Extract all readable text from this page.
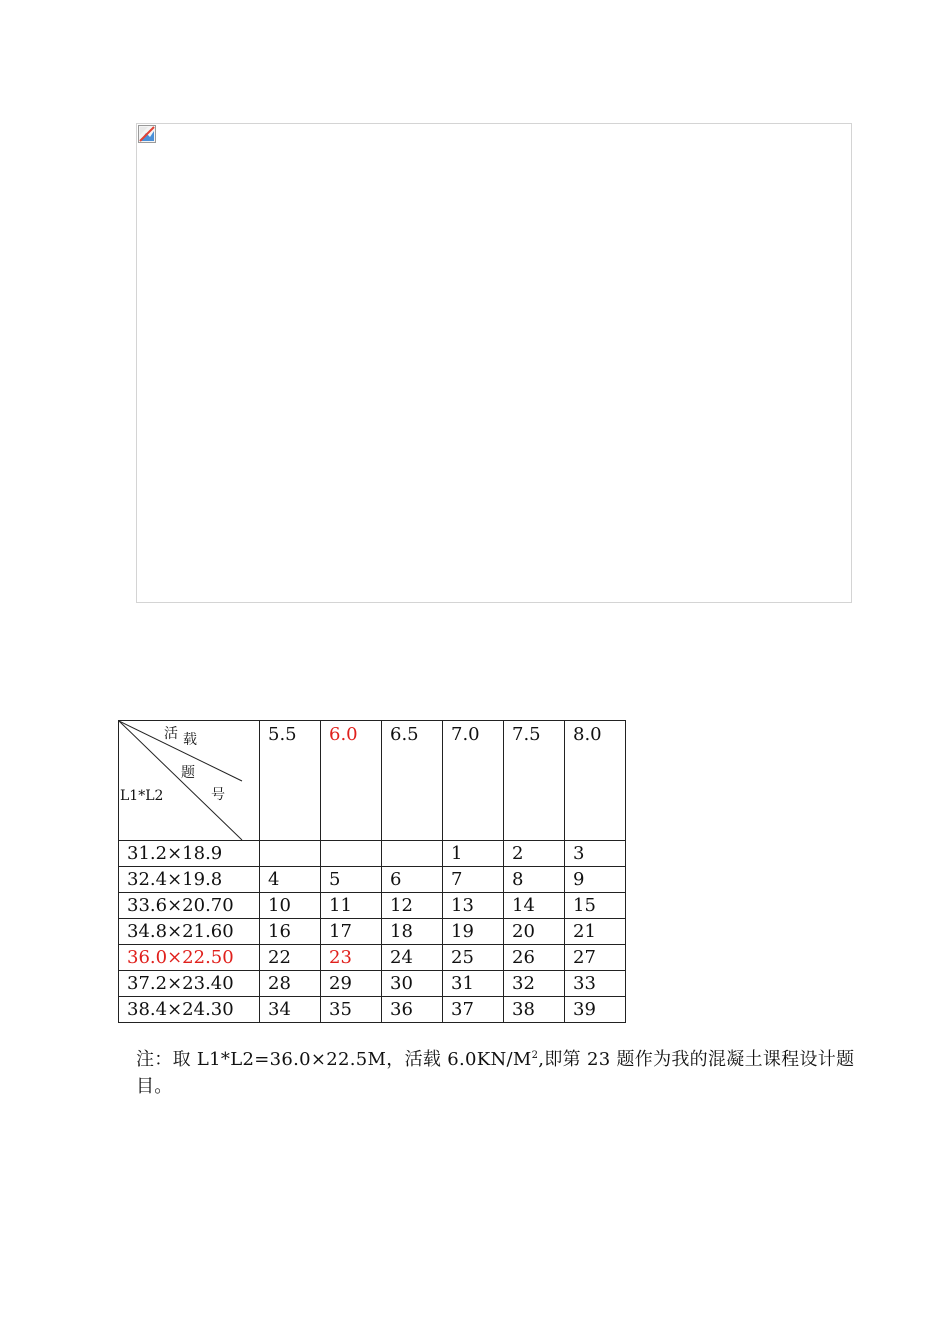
活 载
题
L1*L2 号	5.5	6.0	6.5	7.0	7.5	8.0
31.2×18.9				1	2	3
32.4×19.8	4	5	6	7	8	9
33.6×20.70	10	11	12	13	14	15
34.8×21.60	16	17	18	19	20	21
36.0×22.50	22	23	24	25	26	27
37.2×23.40	28	29	30	31	32	33
38.4×24.30	34	35	36	37	38	39
注：取 L1*L2=36.0×22.5M，活载 $6.0KN/M^2$,即第 23 题作为我的混凝土课程设计题目。
